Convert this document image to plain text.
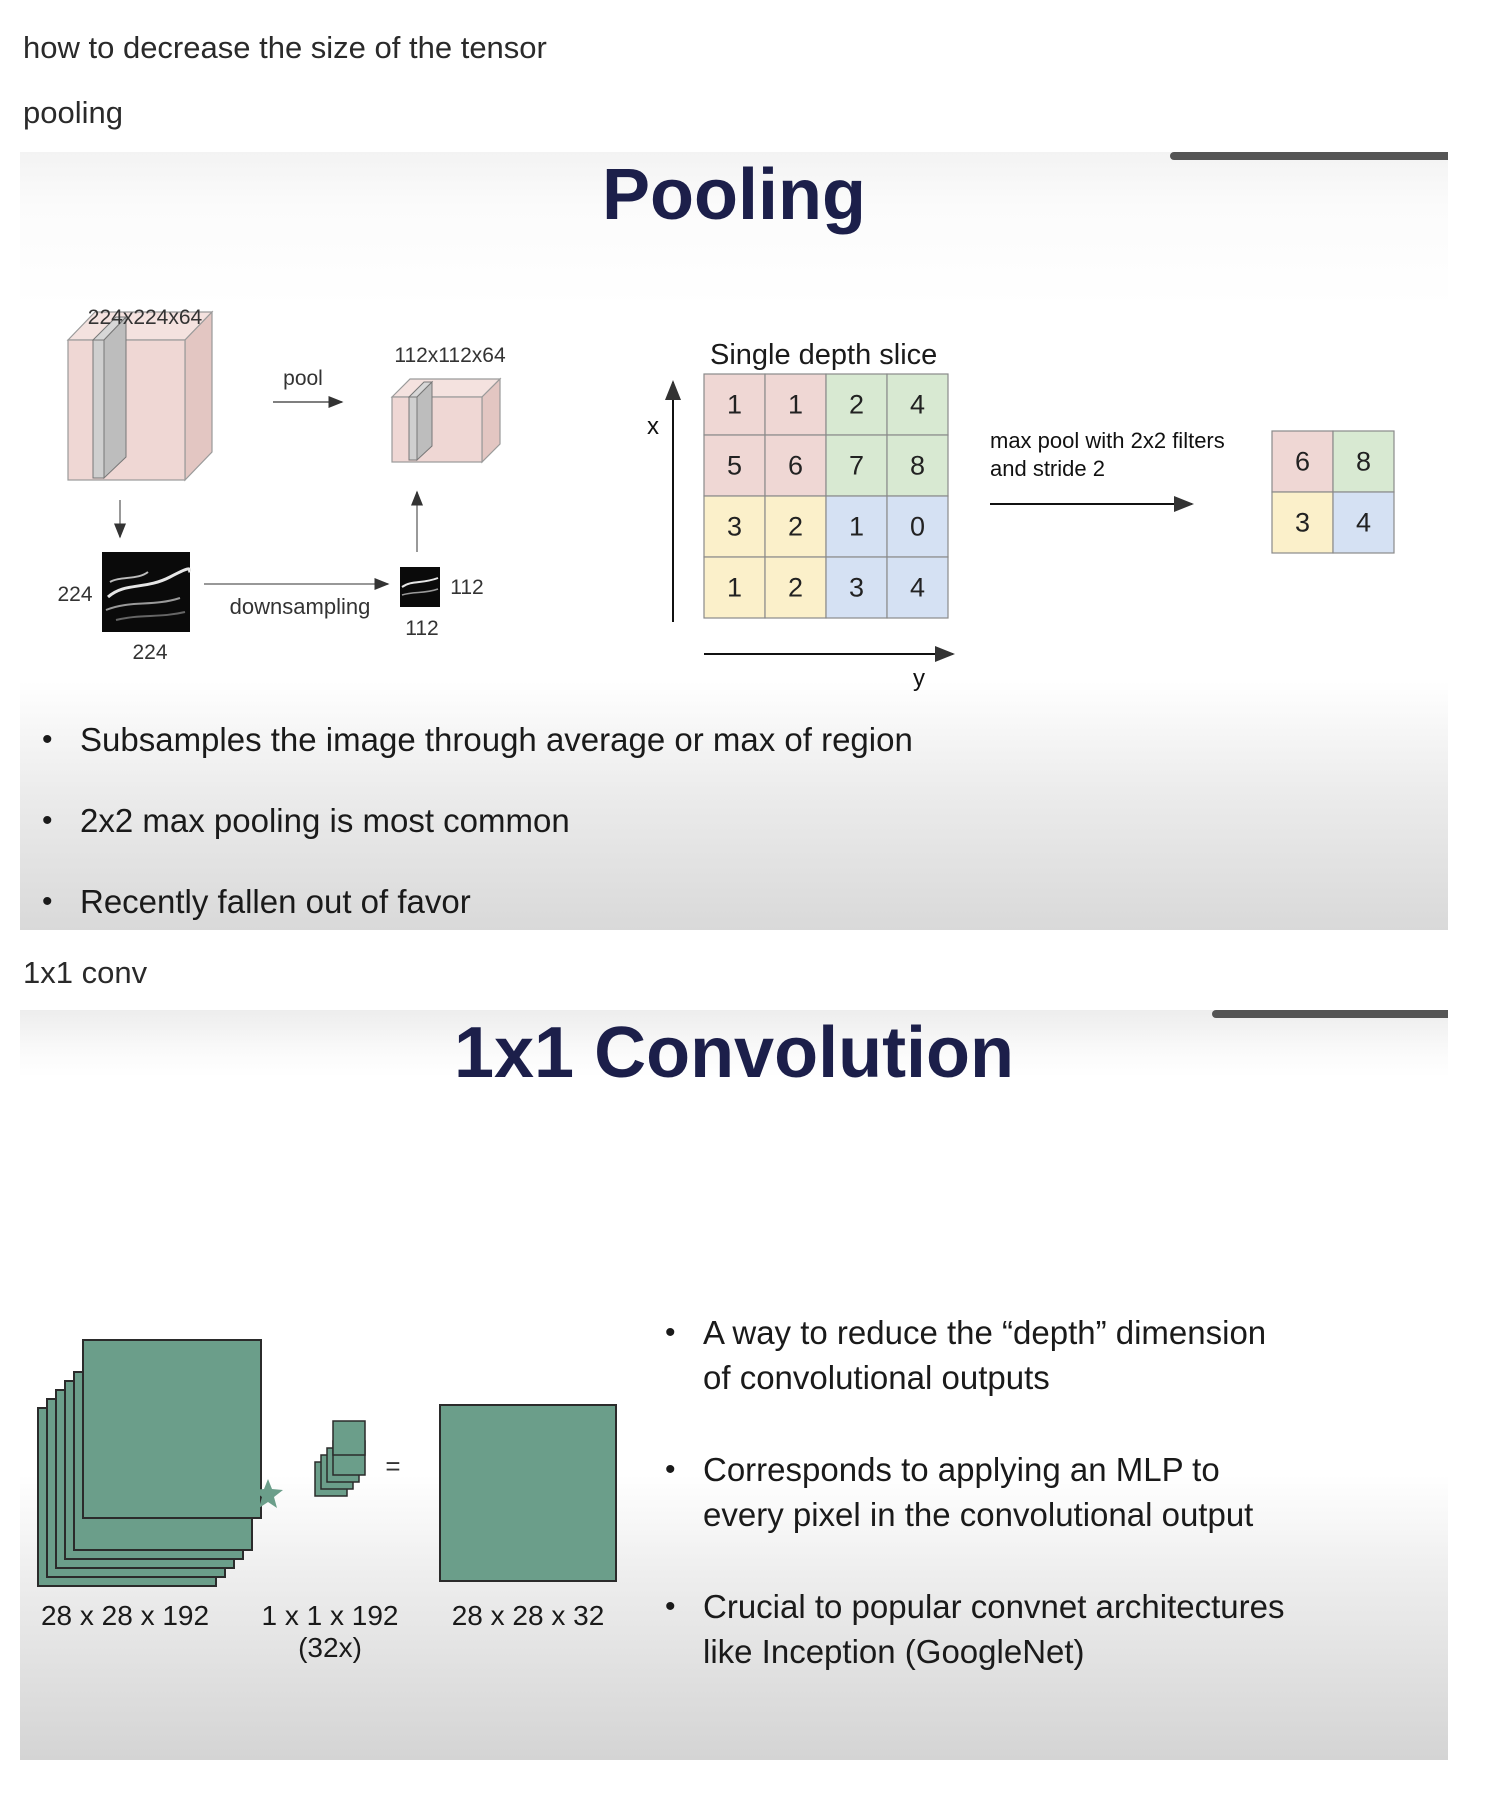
how to decrease the size of the tensor
pooling
Pooling
224x224x64
pool
112x112x64
224
224
downsampling
112
112
Single depth slice
x
y
1 1 2 4
5 6 7 8
3 2 1 0
1 2 3 4
max pool with 2x2 filters
and stride 2	6 8
3 4
• Subsamples the image through average or max of region
• 2x2 max pooling is most common
• Recently fallen out of favor
1x1 conv
1x1 Convolution
=
28 x 28 x 192 1 x 1 x 192
(32x)
28 x 28 x 32
• A way to reduce the “depth” dimension
of convolutional outputs
• Corresponds to applying an MLP to
every pixel in the convolutional output
• Crucial to popular convnet architectures
like Inception (GoogleNet)
